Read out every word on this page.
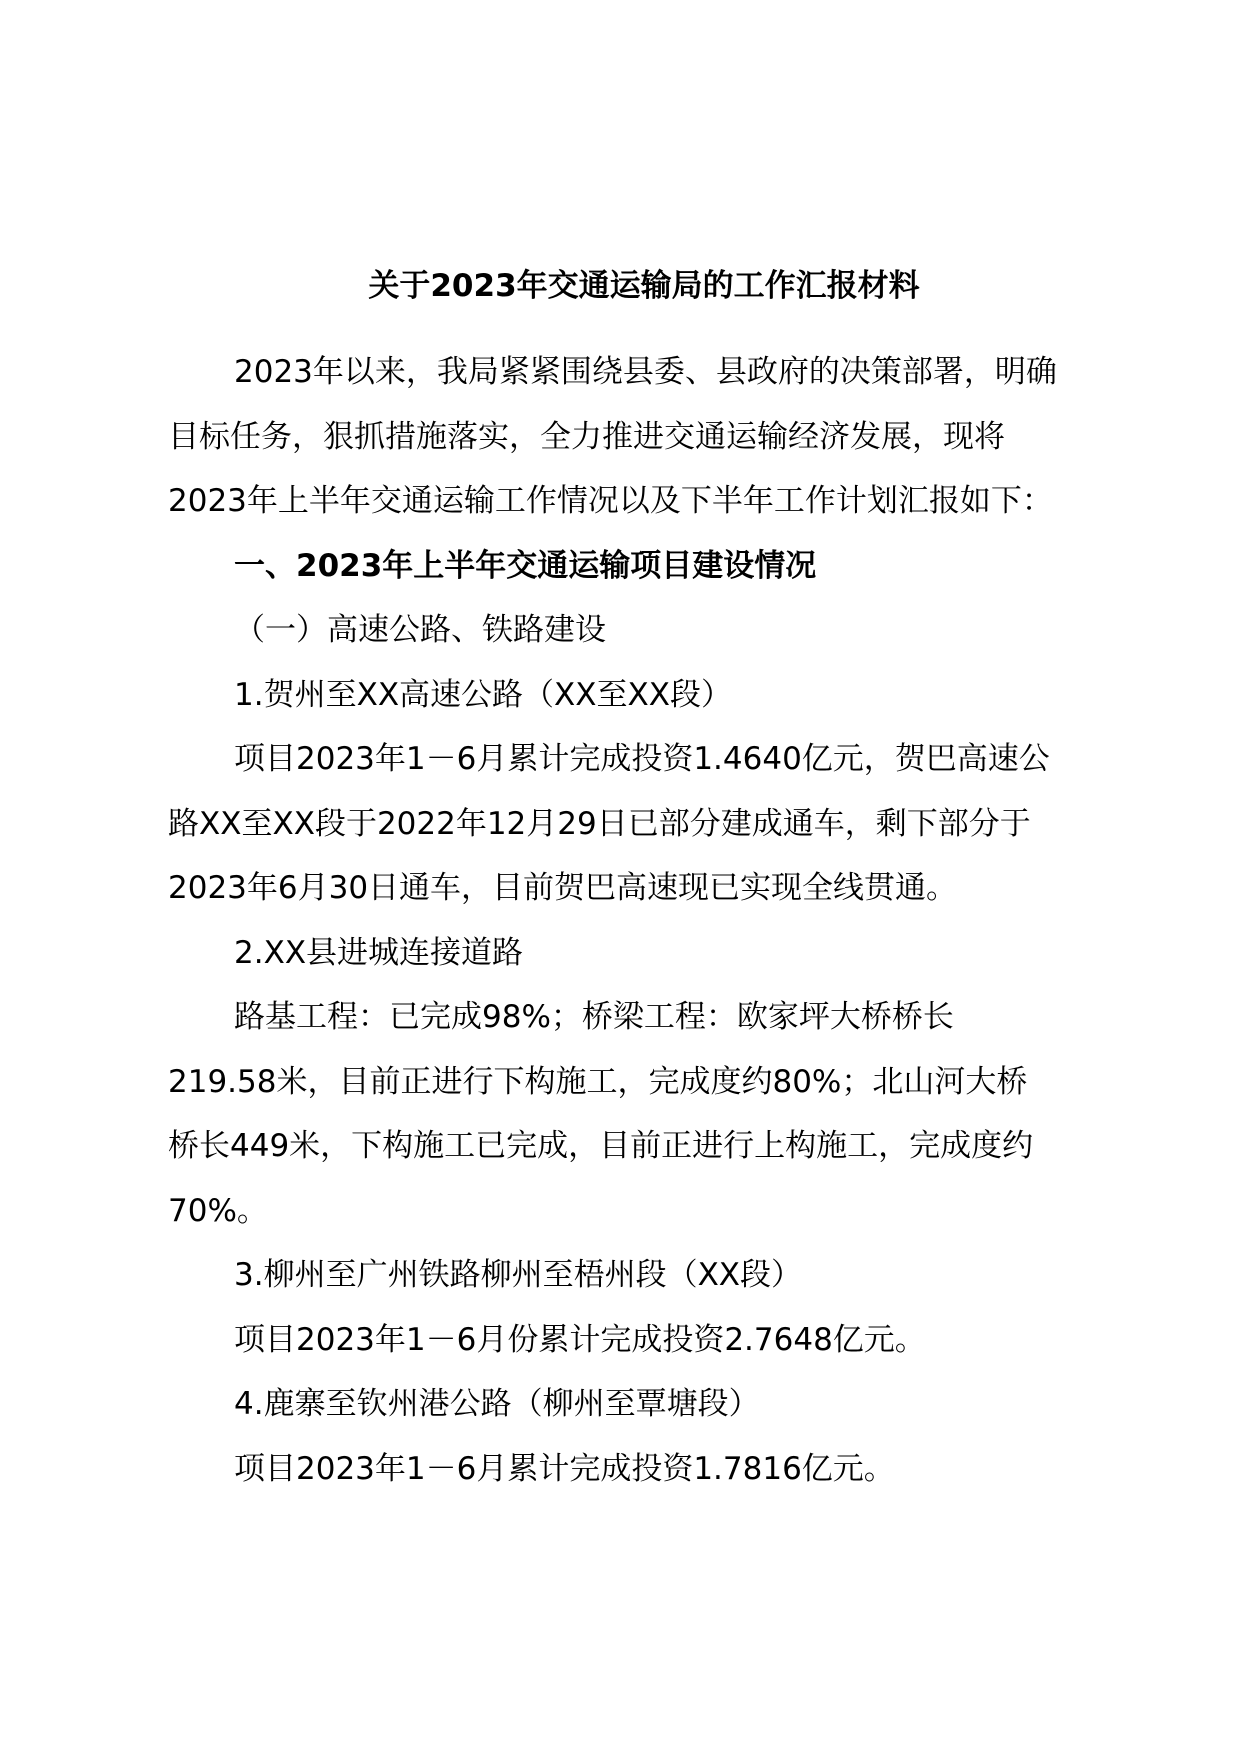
关于2023年交通运输局的工作汇报材料

2023年以来，我局紧紧围绕县委、县政府的决策部署，明确
目标任务，狠抓措施落实，全力推进交通运输经济发展，现将
2023年上半年交通运输工作情况以及下半年工作计划汇报如下：

一、2023年上半年交通运输项目建设情况

（一）高速公路、铁路建设

1.贺州至XX高速公路（XX至XX段）

项目2023年1－6月累计完成投资1.4640亿元，贺巴高速公
路XX至XX段于2022年12月29日已部分建成通车，剩下部分于
2023年6月30日通车，目前贺巴高速现已实现全线贯通。

2.XX县进城连接道路

路基工程：已完成98%；桥梁工程：欧家坪大桥桥长
219.58米，目前正进行下构施工，完成度约80%；北山河大桥
桥长449米，下构施工已完成，目前正进行上构施工，完成度约
70%。

3.柳州至广州铁路柳州至梧州段（XX段）

项目2023年1－6月份累计完成投资2.7648亿元。

4.鹿寨至钦州港公路（柳州至覃塘段）

项目2023年1－6月累计完成投资1.7816亿元。
